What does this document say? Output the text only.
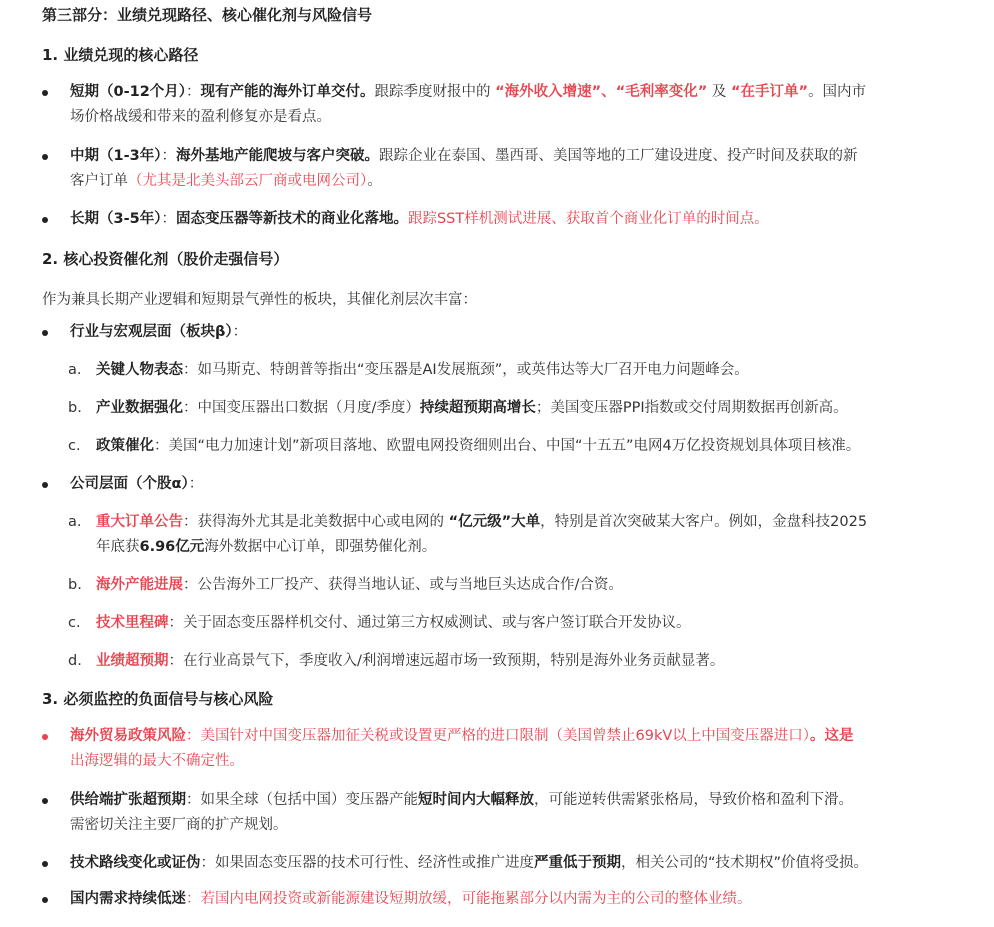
第三部分：业绩兑现路径、核心催化剂与风险信号
1. 业绩兑现的核心路径
短期（0-12个月）：现有产能的海外订单交付。跟踪季度财报中的 “海外收入增速”、“毛利率变化” 及 “在手订单”。国内市
场价格战缓和带来的盈利修复亦是看点。
中期（1-3年）：海外基地产能爬坡与客户突破。跟踪企业在泰国、墨西哥、美国等地的工厂建设进度、投产时间及获取的新
客户订单（尤其是北美头部云厂商或电网公司）。
长期（3-5年）：固态变压器等新技术的商业化落地。跟踪SST样机测试进展、获取首个商业化订单的时间点。
2. 核心投资催化剂（股价走强信号）
作为兼具长期产业逻辑和短期景气弹性的板块，其催化剂层次丰富：
行业与宏观层面（板块β）：
a. 关键人物表态：如马斯克、特朗普等指出“变压器是AI发展瓶颈”，或英伟达等大厂召开电力问题峰会。
b. 产业数据强化：中国变压器出口数据（月度/季度）持续超预期高增长；美国变压器PPI指数或交付周期数据再创新高。
c. 政策催化：美国“电力加速计划”新项目落地、欧盟电网投资细则出台、中国“十五五”电网4万亿投资规划具体项目核准。
公司层面（个股α）：
a. 重大订单公告：获得海外尤其是北美数据中心或电网的 “亿元级”大单，特别是首次突破某大客户。例如，金盘科技2025
年底获6.96亿元海外数据中心订单，即强势催化剂。
b. 海外产能进展：公告海外工厂投产、获得当地认证、或与当地巨头达成合作/合资。
c. 技术里程碑：关于固态变压器样机交付、通过第三方权威测试、或与客户签订联合开发协议。
d. 业绩超预期：在行业高景气下，季度收入/利润增速远超市场一致预期，特别是海外业务贡献显著。
3. 必须监控的负面信号与核心风险
海外贸易政策风险：美国针对中国变压器加征关税或设置更严格的进口限制（美国曾禁止69kV以上中国变压器进口）。这是
出海逻辑的最大不确定性。
供给端扩张超预期：如果全球（包括中国）变压器产能短时间内大幅释放，可能逆转供需紧张格局，导致价格和盈利下滑。
需密切关注主要厂商的扩产规划。
技术路线变化或证伪：如果固态变压器的技术可行性、经济性或推广进度严重低于预期，相关公司的“技术期权”价值将受损。
国内需求持续低迷：若国内电网投资或新能源建设短期放缓，可能拖累部分以内需为主的公司的整体业绩。
